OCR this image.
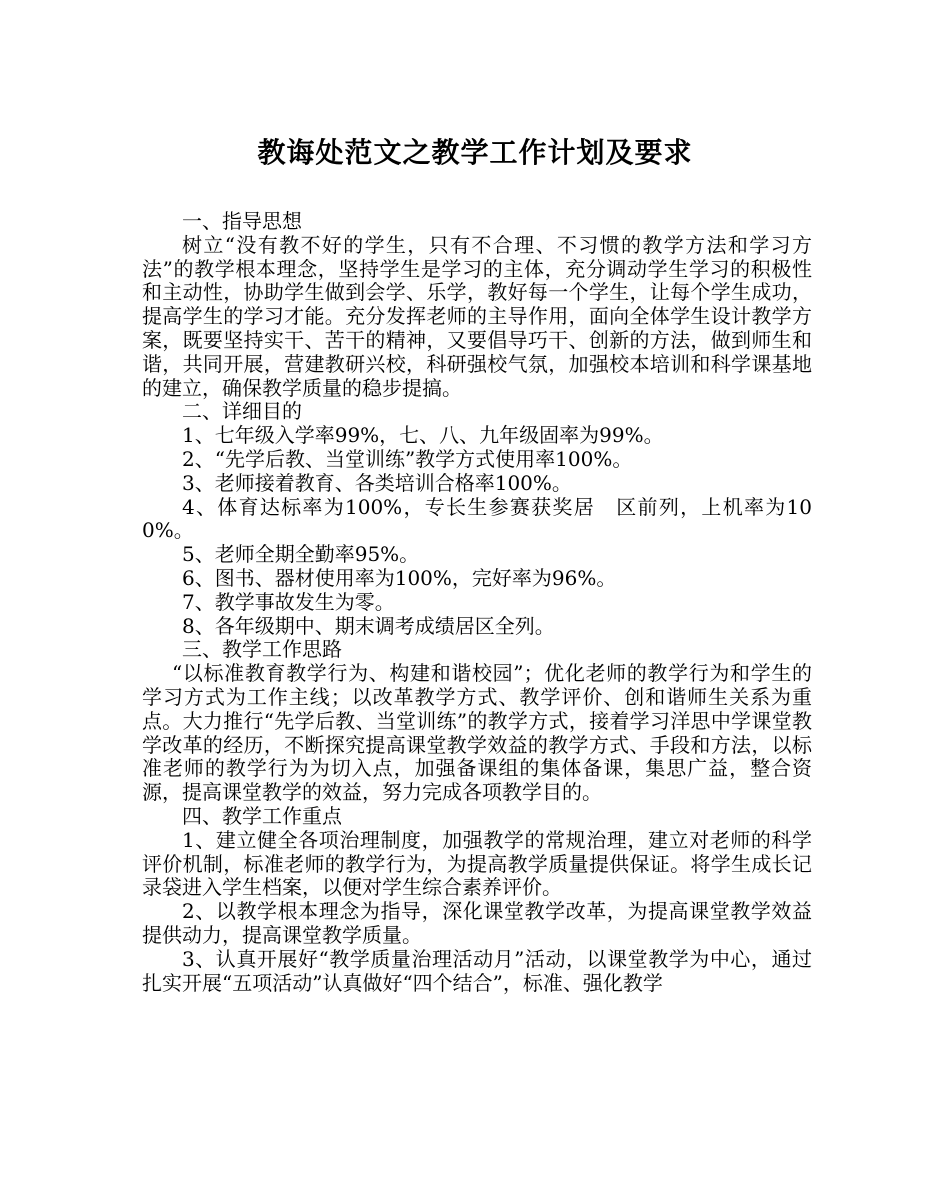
教诲处范文之教学工作计划及要求

一、指导思想

树立“没有教不好的学生，只有不合理、不习惯的教学方法和学习方法”的教学根本理念，坚持学生是学习的主体，充分调动学生学习的积极性和主动性，协助学生做到会学、乐学，教好每一个学生，让每个学生成功，提高学生的学习才能。充分发挥老师的主导作用，面向全体学生设计教学方案，既要坚持实干、苦干的精神，又要倡导巧干、创新的方法，做到师生和谐，共同开展，营建教研兴校，科研强校气氛，加强校本培训和科学课基地的建立，确保教学质量的稳步提搞。

二、详细目的

1、七年级入学率99%，七、八、九年级固率为99%。

2、“先学后教、当堂训练”教学方式使用率100%。

3、老师接着教育、各类培训合格率100%。

4、体育达标率为100%，专长生参赛获奖居　区前列，上机率为100%。

5、老师全期全勤率95%。

6、图书、器材使用率为100%，完好率为96%。

7、教学事故发生为零。

8、各年级期中、期末调考成绩居区全列。

三、教学工作思路

“以标准教育教学行为、构建和谐校园”；优化老师的教学行为和学生的学习方式为工作主线；以改革教学方式、教学评价、创和谐师生关系为重点。大力推行“先学后教、当堂训练”的教学方式，接着学习洋思中学课堂教学改革的经历，不断探究提高课堂教学效益的教学方式、手段和方法，以标准老师的教学行为为切入点，加强备课组的集体备课，集思广益，整合资源，提高课堂教学的效益，努力完成各项教学目的。

四、教学工作重点

1、建立健全各项治理制度，加强教学的常规治理，建立对老师的科学评价机制，标准老师的教学行为，为提高教学质量提供保证。将学生成长记录袋进入学生档案，以便对学生综合素养评价。

2、以教学根本理念为指导，深化课堂教学改革，为提高课堂教学效益提供动力，提高课堂教学质量。

3、认真开展好“教学质量治理活动月”活动，以课堂教学为中心，通过扎实开展“五项活动”认真做好“四个结合”，标准、强化教学
